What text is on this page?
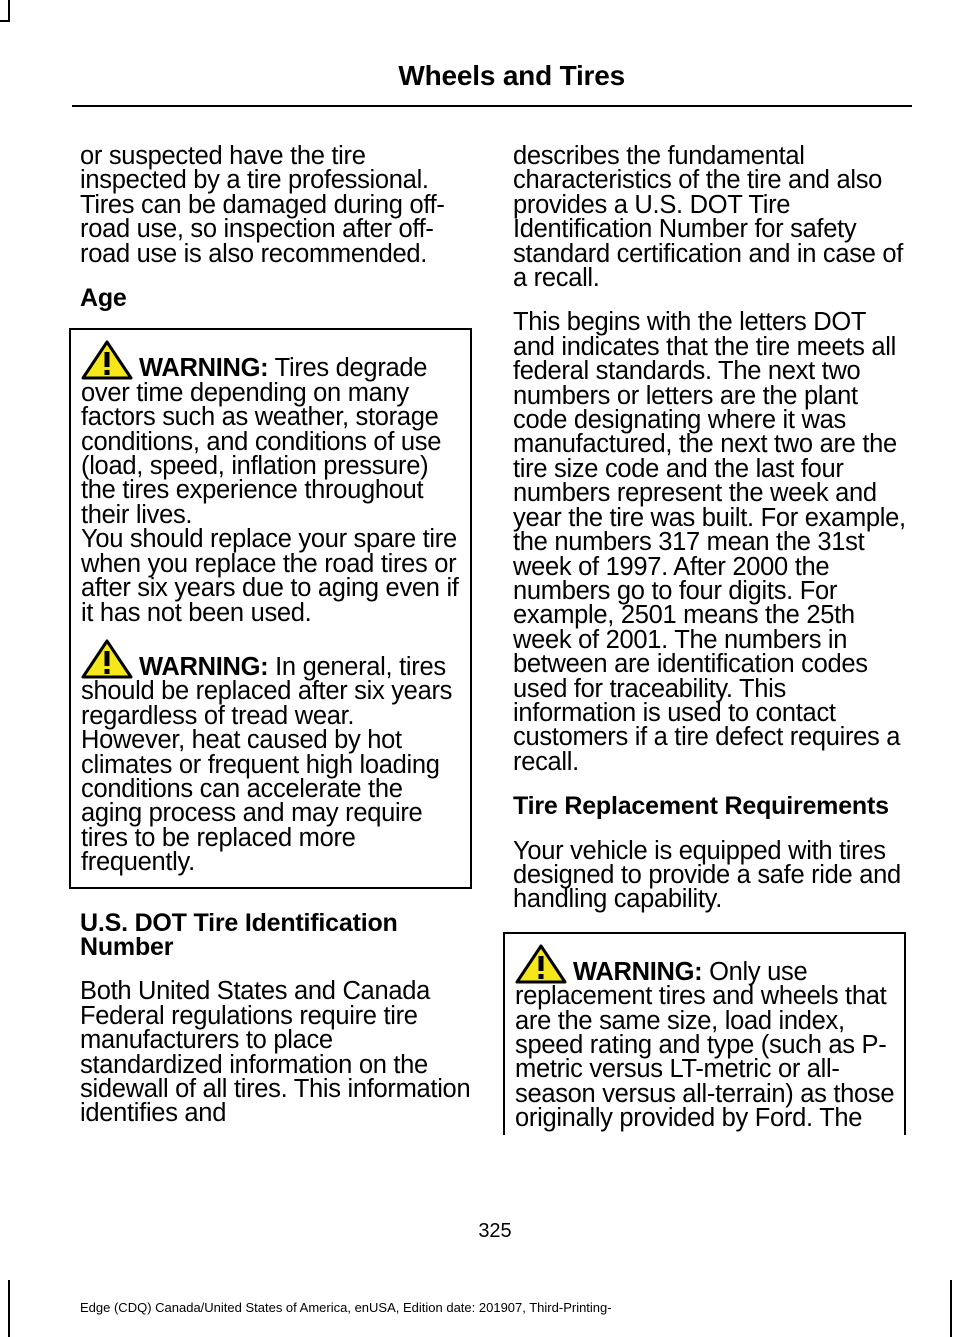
Wheels and Tires

or suspected have the tire inspected by a tire professional. Tires can be damaged during off-road use, so inspection after off-road use is also recommended.

Age
WARNING: Tires degrade over time depending on many factors such as weather, storage conditions, and conditions of use (load, speed, inflation pressure) the tires experience throughout their lives.

You should replace your spare tire when you replace the road tires or after six years due to aging even if it has not been used.

WARNING: In general, tires should be replaced after six years regardless of tread wear. However, heat caused by hot climates or frequent high loading conditions can accelerate the aging process and may require tires to be replaced more frequently.
U.S. DOT Tire Identification Number

Both United States and Canada Federal regulations require tire manufacturers to place standardized information on the sidewall of all tires. This information identifies and

describes the fundamental characteristics of the tire and also provides a U.S. DOT Tire Identification Number for safety standard certification and in case of a recall.

This begins with the letters DOT and indicates that the tire meets all federal standards. The next two numbers or letters are the plant code designating where it was manufactured, the next two are the tire size code and the last four numbers represent the week and year the tire was built. For example, the numbers 317 mean the 31st week of 1997. After 2000 the numbers go to four digits. For example, 2501 means the 25th week of 2001. The numbers in between are identification codes used for traceability. This information is used to contact customers if a tire defect requires a recall.

Tire Replacement Requirements

Your vehicle is equipped with tires designed to provide a safe ride and handling capability.

WARNING: Only use replacement tires and wheels that are the same size, load index, speed rating and type (such as P-metric versus LT-metric or all-season versus all-terrain) as those originally provided by Ford. The
325
Edge (CDQ) Canada/United States of America, enUSA, Edition date: 201907, Third-Printing-
